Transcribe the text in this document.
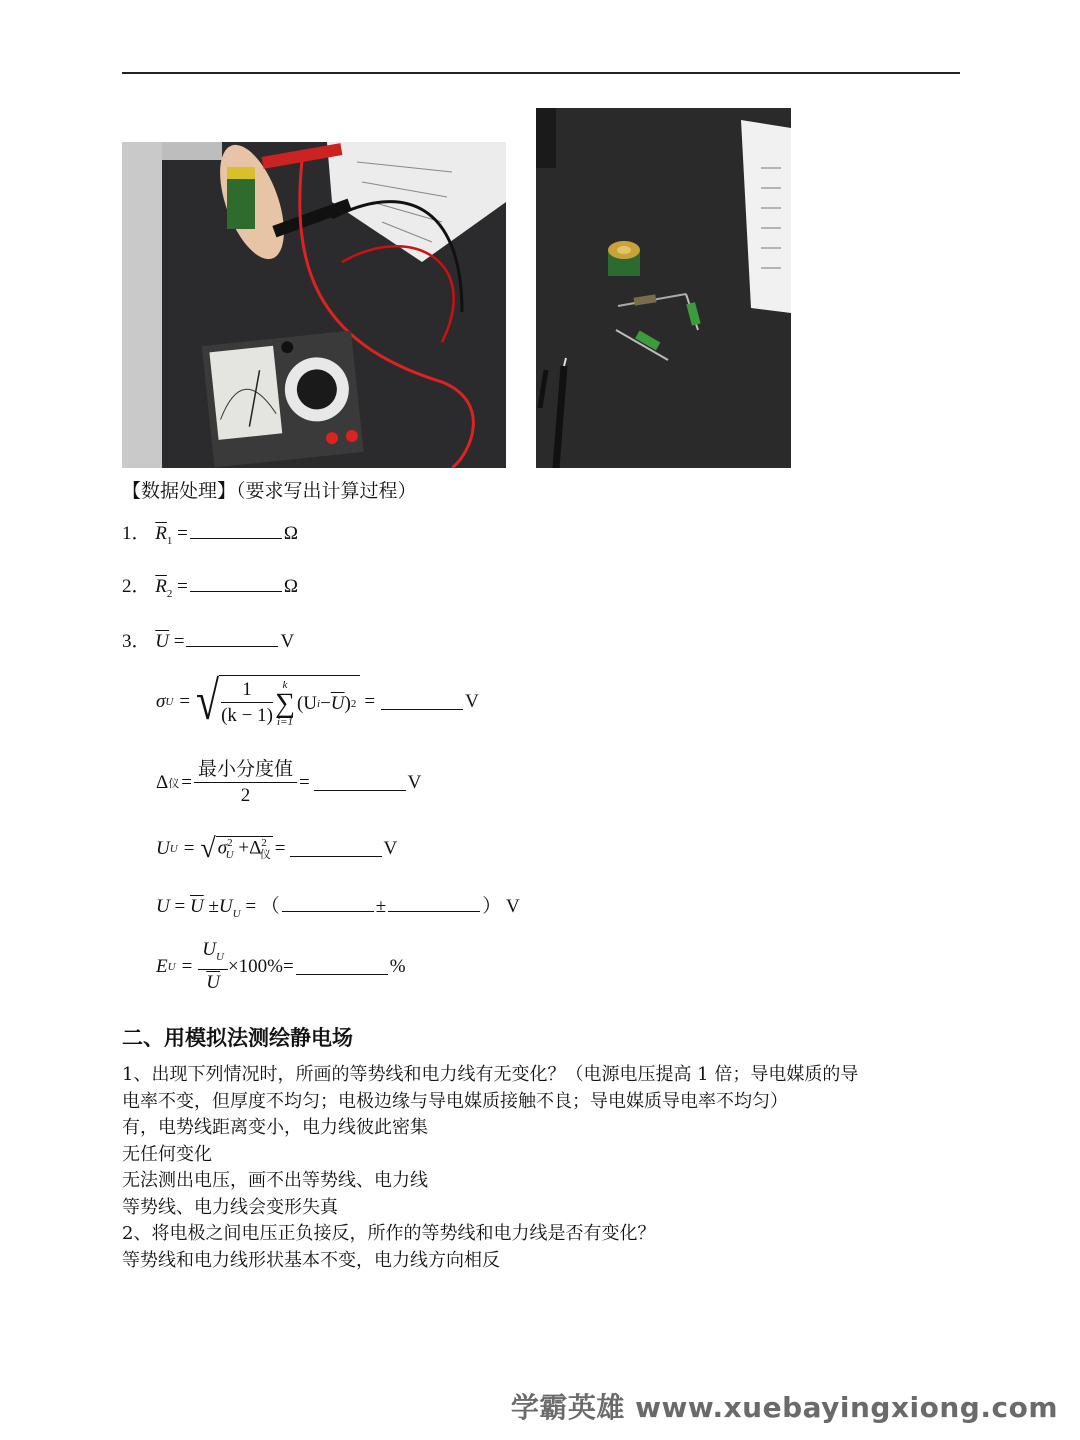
【数据处理】（要求写出计算过程）
1． $\overline{R}_1$ =	Ω
2． $\overline{R}_2$ =	Ω
3． $\overline{U}$ =	V
σ U = √ $\frac{1}{(k - 1)}$ k
∑
i=1
(U $i - \overline{U}$ ) 2 =	V
Δ 仪 = $\frac{\text{最小分度值}}{2}$ =	V
U U = √ $\sigma^2_U +\Delta^2_仪$ =	V
$U = \overline{U} \pm U_U$ = （	±	） V
E $U = \frac{U_U}{U} \times 100\%$ =	%
二、用模拟法测绘静电场
1、出现下列情况时，所画的等势线和电力线有无变化？（电源电压提高 1 倍；导电媒质的导
电率不变，但厚度不均匀；电极边缘与导电媒质接触不良；导电媒质导电率不均匀）
有，电势线距离变小，电力线彼此密集
无任何变化
无法测出电压，画不出等势线、电力线
等势线、电力线会变形失真
2、将电极之间电压正负接反，所作的等势线和电力线是否有变化？
等势线和电力线形状基本不变，电力线方向相反
学霸英雄 www.xuebayingxiong.com
